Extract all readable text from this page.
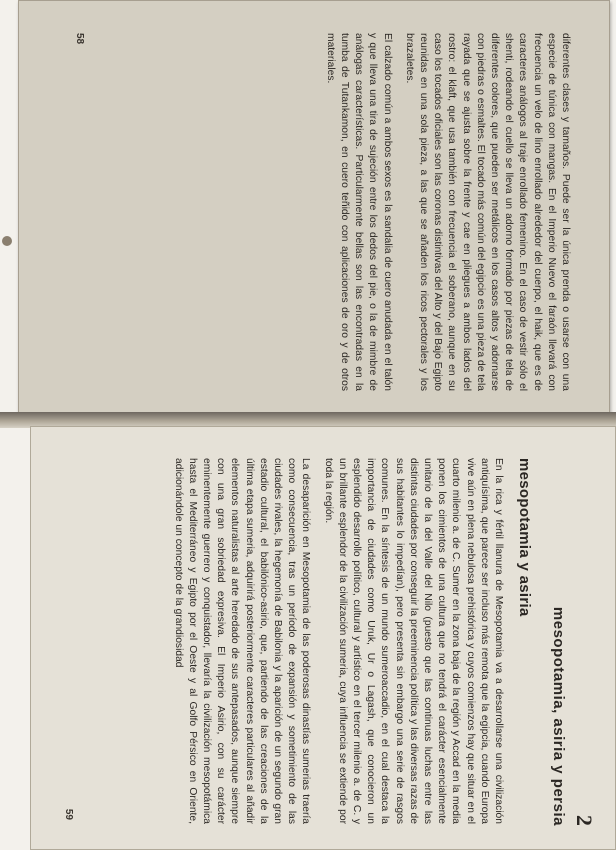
diferentes clases y tamaños. Puede ser la única prenda o usarse con una especie de túnica con mangas. En el Imperio Nuevo el faraón llevará con frecuencia un velo de lino enrollado alrededor del cuerpo, el haik, que es de caracteres análogos al traje enrollado femenino. En el caso de vestir sólo el shenti, rodeando el cuello se lleva un adorno formado por piezas de tela de diferentes colores, que pueden ser metálicos en los casos altos y adornarse con piedras o esmaltes. El tocado más común del egipcio es una pieza de tela rayada que se ajusta sobre la frente y cae en pliegues a ambos lados del rostro: el klaft, que usa también con frecuencia el soberano, aunque en su caso los tocados oficiales son las coronas distintivas del Alto y del Bajo Egipto reunidas en una sola pieza, a las que se añaden los ricos pectorales y los brazaletes.

El calzado común a ambos sexos es la sandalia de cuero anudada en el talón y que lleva una tira de sujeción entre los dedos del pie, o la de mimbre de análogas características. Particularmente bellas son las encontradas en la tumba de Tutankamon, en cuero teñido con aplicaciones de oro y de otros materiales.

58
2
mesopotamia, asiria y persia
mesopotamia y asiria

En la rica y fértil llanura de Mesopotamia va a desarrollarse una civilización antiquísima, que parece ser incluso más remota que la egipcia, cuando Europa vive aún en plena nebulosa prehistórica y cuyos comienzos hay que situar en el cuarto milenio a. de C. Sumer en la zona baja de la región y Accad en la media ponen los cimientos de una cultura que no tendrá el carácter esencialmente unitario de la del Valle del Nilo (puesto que las continuas luchas entre las distintas ciudades por conseguir la preeminencia política y las diversas razas de sus habitantes lo impedían), pero presenta sin embargo una serie de rasgos comunes. En la síntesis de un mundo sumeroaccadio, en el cual destaca la importancia de ciudades como Uruk, Ur o Lagash, que conocieron un esplendido desarrollo político, cultural y artístico en el tercer milenio a. de C. y un brillante esplendor de la civilización sumeria, cuya influencia se extiende por toda la región.

La desaparición en Mesopotamia de las poderosas dinastías sumerias traería como consecuencia, tras un período de expansión y sometimiento de las ciudades rivales, la hegemonía de Babilonia y la aparición de un segundo gran estadio cultural, el babilónico-asirio, que, partiendo de las creaciones de la última etapa sumeria, adquirirá posteriormente caracteres particulares al añadir elementos naturalistas al arte heredado de sus antepasados, aunque siempre con una gran sobriedad expresiva. El Imperio Asirio, con su carácter eminentemente guerrero y conquistador, llevaría la civilización mesopotámica hasta el Mediterráneo y Egipto por el Oeste y al Golfo Pérsico en Oriente, adicionándole un concepto de la grandiosidad

59
